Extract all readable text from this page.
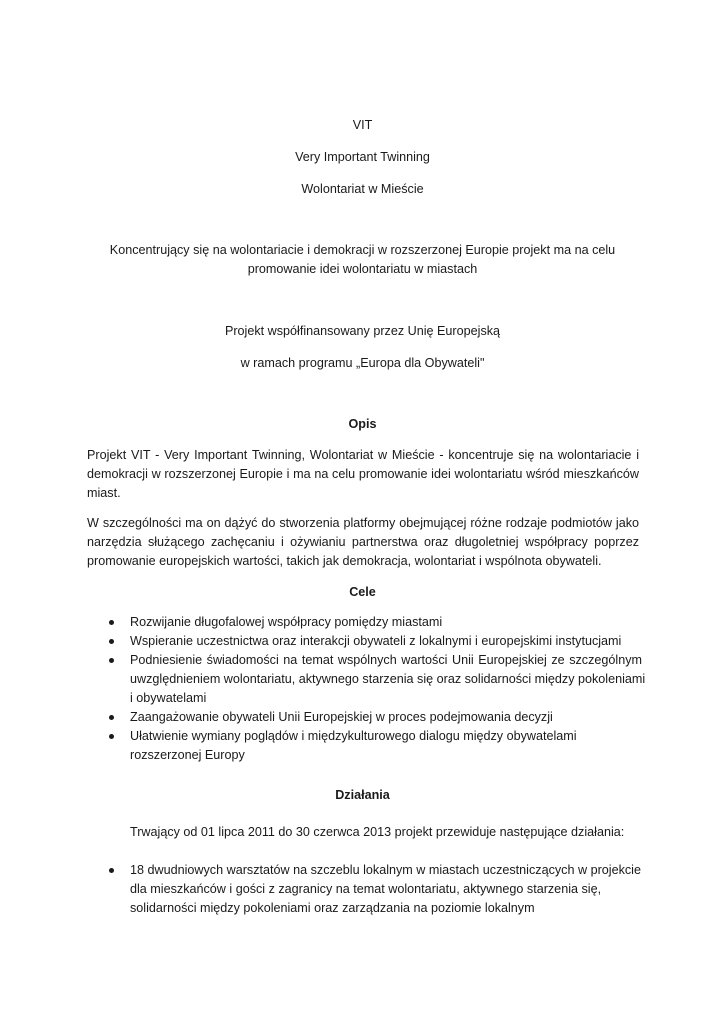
VIT
Very Important Twinning
Wolontariat w Mieście
Koncentrujący się na wolontariacie i demokracji w rozszerzonej Europie projekt ma na celu
promowanie idei wolontariatu w miastach
Projekt współfinansowany przez Unię Europejską
w ramach programu „Europa dla Obywateli"
Opis
Projekt VIT - Very Important Twinning, Wolontariat w Mieście - koncentruje się na wolontariacie i
demokracji w rozszerzonej Europie i ma na celu promowanie idei wolontariatu wśród mieszkańców
miast.
W szczególności ma on dążyć do stworzenia platformy obejmującej różne rodzaje podmiotów jako
narzędzia służącego zachęcaniu i ożywianiu partnerstwa oraz długoletniej współpracy poprzez
promowanie europejskich wartości, takich jak demokracja, wolontariat i wspólnota obywateli.
Cele
Rozwijanie długofalowej współpracy pomiędzy miastami
Wspieranie uczestnictwa oraz interakcji obywateli z lokalnymi i europejskimi instytucjami
Podniesienie świadomości na temat wspólnych wartości Unii Europejskiej ze szczególnym
uwzględnieniem wolontariatu, aktywnego starzenia się oraz solidarności między pokoleniami
i obywatelami
Zaangażowanie obywateli Unii Europejskiej w proces podejmowania decyzji
Ułatwienie wymiany poglądów i międzykulturowego dialogu między obywatelami
rozszerzonej Europy
Działania
Trwający od 01 lipca 2011 do 30 czerwca 2013 projekt przewiduje następujące działania:
18 dwudniowych warsztatów na szczeblu lokalnym w miastach uczestniczących w projekcie
dla mieszkańców i gości z zagranicy na temat wolontariatu, aktywnego starzenia się,
solidarności między pokoleniami oraz zarządzania na poziomie lokalnym
